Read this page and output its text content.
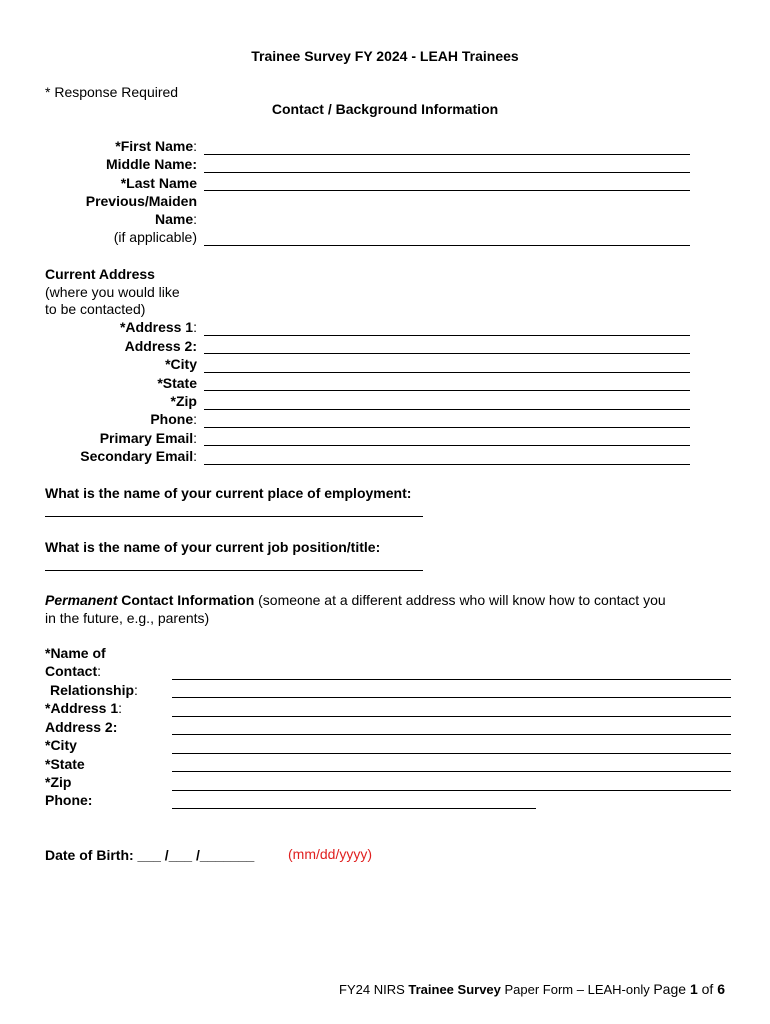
Trainee Survey FY 2024 - LEAH Trainees
* Response Required
Contact / Background Information
*First Name:
Middle Name:
*Last Name
Previous/Maiden
Name:
(if applicable)
Current Address
(where you would like
to be contacted)
*Address 1:
Address 2:
*City
*State
*Zip
Phone:
Primary Email:
Secondary Email:
What is the name of your current place of employment:
What is the name of your current job position/title:
Permanent Contact Information (someone at a different address who will know how to contact you
in the future, e.g., parents)
*Name of
Contact:
Relationship:
*Address 1:
Address 2:
*City
*State
*Zip
Phone:
Date of Birth: ___ /___ /_______ (mm/dd/yyyy)
FY24 NIRS Trainee Survey Paper Form – LEAH-only Page 1 of 6
